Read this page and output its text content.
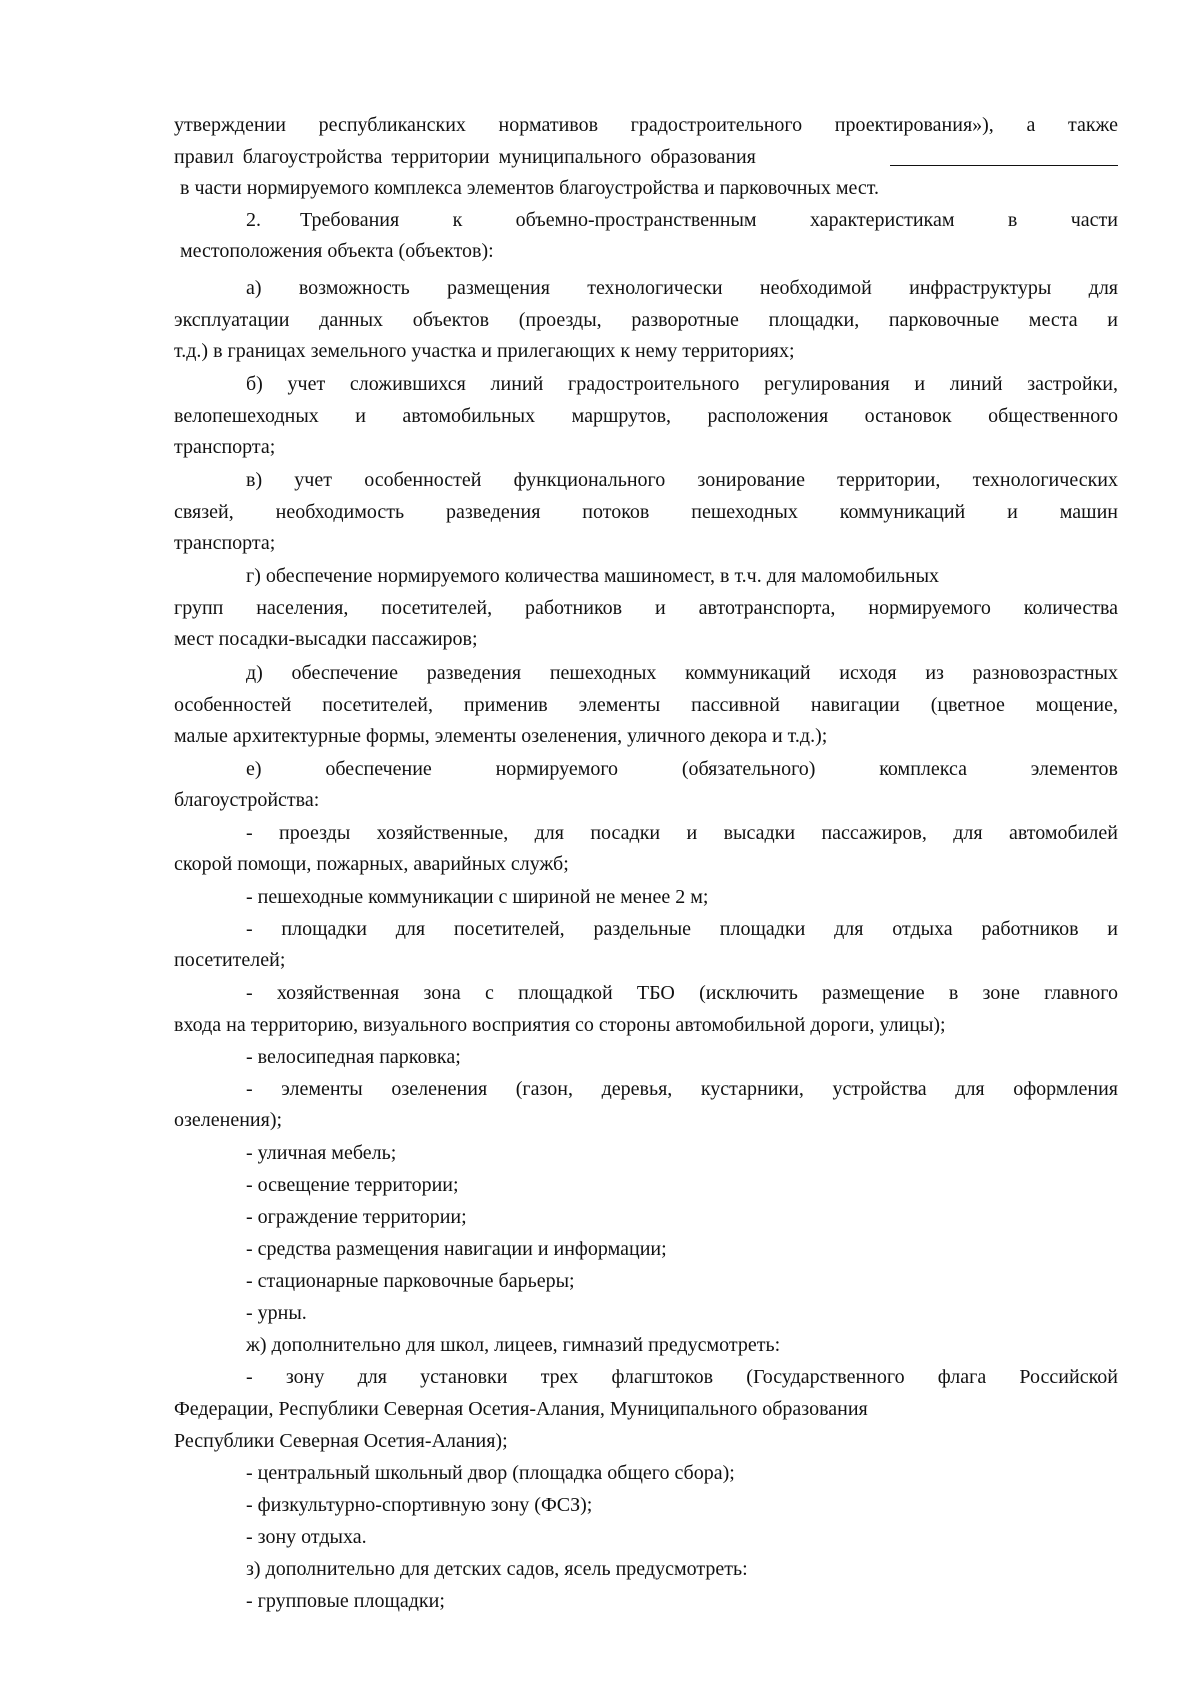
утверждении республиканских нормативов градостроительного проектирования»), а также
правил благоустройства территории муниципального образования
в части нормируемого комплекса элементов благоустройства и парковочных мест.
2. Требования к объемно-пространственным характеристикам в части
местоположения объекта (объектов):
а) возможность размещения технологически необходимой инфраструктуры для
эксплуатации данных объектов (проезды, разворотные площадки, парковочные места и
т.д.) в границах земельного участка и прилегающих к нему территориях;
б) учет сложившихся линий градостроительного регулирования и линий застройки,
велопешеходных и автомобильных маршрутов, расположения остановок общественного
транспорта;
в) учет особенностей функционального зонирование территории, технологических
связей, необходимость разведения потоков пешеходных коммуникаций и машин
транспорта;
г) обеспечение нормируемого количества машиномест, в т.ч. для маломобильных
групп населения, посетителей, работников и автотранспорта, нормируемого количества
мест посадки-высадки пассажиров;
д) обеспечение разведения пешеходных коммуникаций исходя из разновозрастных
особенностей посетителей, применив элементы пассивной навигации (цветное мощение,
малые архитектурные формы, элементы озеленения, уличного декора и т.д.);
е) обеспечение нормируемого (обязательного) комплекса элементов
благоустройства:
- проезды хозяйственные, для посадки и высадки пассажиров, для автомобилей
скорой помощи, пожарных, аварийных служб;
- пешеходные коммуникации с шириной не менее 2 м;
- площадки для посетителей, раздельные площадки для отдыха работников и
посетителей;
- хозяйственная зона с площадкой ТБО (исключить размещение в зоне главного
входа на территорию, визуального восприятия со стороны автомобильной дороги, улицы);
- велосипедная парковка;
- элементы озеленения (газон, деревья, кустарники, устройства для оформления
озеленения);
- уличная мебель;
- освещение территории;
- ограждение территории;
- средства размещения навигации и информации;
- стационарные парковочные барьеры;
- урны.
ж) дополнительно для школ, лицеев, гимназий предусмотреть:
- зону для установки трех флагштоков (Государственного флага Российской
Федерации, Республики Северная Осетия-Алания, Муниципального образования
Республики Северная Осетия-Алания);
- центральный школьный двор (площадка общего сбора);
- физкультурно-спортивную зону (ФСЗ);
- зону отдыха.
з) дополнительно для детских садов, ясель предусмотреть:
- групповые площадки;
